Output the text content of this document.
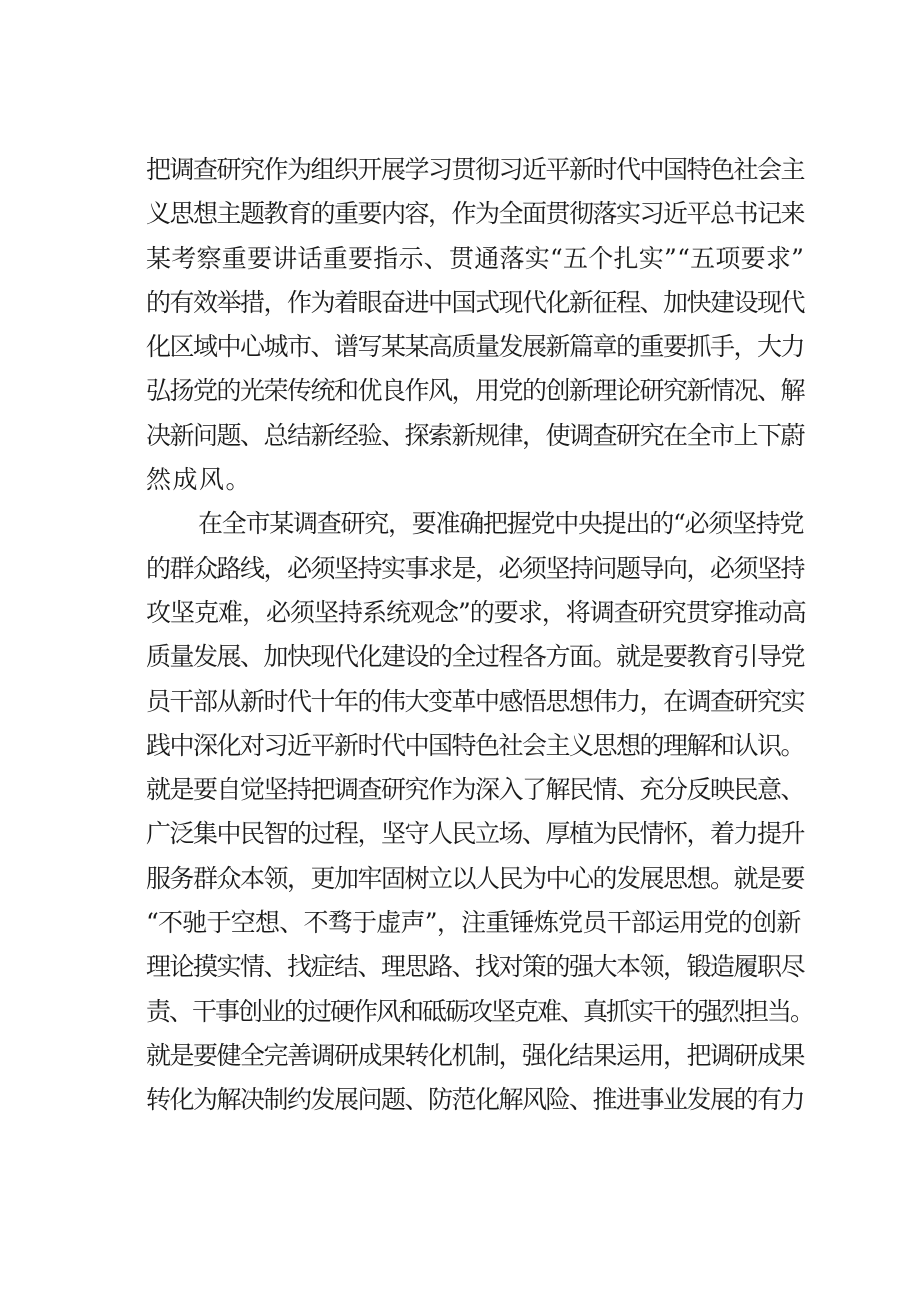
把调查研究作为组织开展学习贯彻习近平新时代中国特色社会主
义思想主题教育的重要内容，作为全面贯彻落实习近平总书记来
某考察重要讲话重要指示、贯通落实“五个扎实”“五项要求”
的有效举措，作为着眼奋进中国式现代化新征程、加快建设现代
化区域中心城市、谱写某某高质量发展新篇章的重要抓手，大力
弘扬党的光荣传统和优良作风，用党的创新理论研究新情况、解
决新问题、总结新经验、探索新规律，使调查研究在全市上下蔚
然成风。
在全市某调查研究，要准确把握党中央提出的“必须坚持党
的群众路线，必须坚持实事求是，必须坚持问题导向，必须坚持
攻坚克难，必须坚持系统观念”的要求，将调查研究贯穿推动高
质量发展、加快现代化建设的全过程各方面。就是要教育引导党
员干部从新时代十年的伟大变革中感悟思想伟力，在调查研究实
践中深化对习近平新时代中国特色社会主义思想的理解和认识。
就是要自觉坚持把调查研究作为深入了解民情、充分反映民意、
广泛集中民智的过程，坚守人民立场、厚植为民情怀，着力提升
服务群众本领，更加牢固树立以人民为中心的发展思想。就是要
“不驰于空想、不骛于虚声”，注重锤炼党员干部运用党的创新
理论摸实情、找症结、理思路、找对策的强大本领，锻造履职尽
责、干事创业的过硬作风和砥砺攻坚克难、真抓实干的强烈担当。
就是要健全完善调研成果转化机制，强化结果运用，把调研成果
转化为解决制约发展问题、防范化解风险、推进事业发展的有力
